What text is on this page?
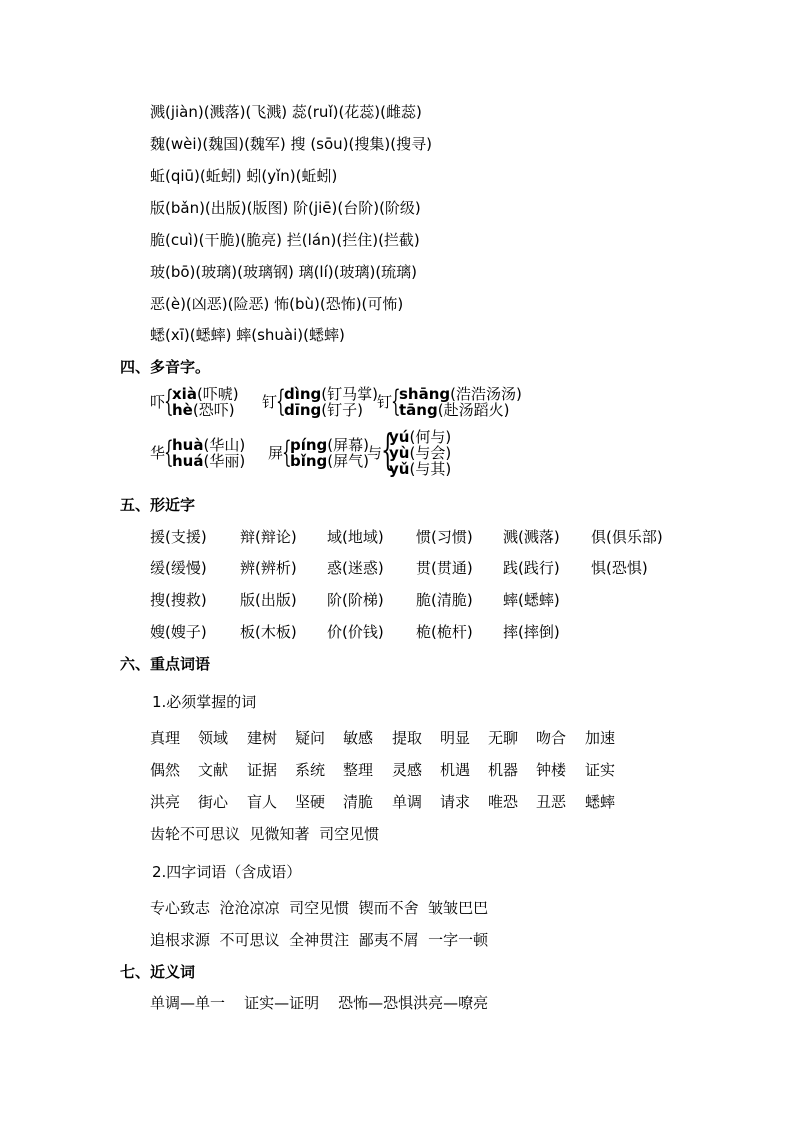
溅(jiàn)(溅落)(飞溅) 蕊(ruǐ)(花蕊)(雌蕊)
魏(wèi)(魏国)(魏军) 搜 (sōu)(搜集)(搜寻)
蚯(qiū)(蚯蚓) 蚓(yǐn)(蚯蚓)
版(bǎn)(出版)(版图) 阶(jiē)(台阶)(阶级)
脆(cuì)(干脆)(脆亮) 拦(lán)(拦住)(拦截)
玻(bō)(玻璃)(玻璃钢) 璃(lí)(玻璃)(琉璃)
恶(è)(凶恶)(险恶) 怖(bù)(恐怖)(可怖)
蟋(xī)(蟋蟀) 蟀(shuài)(蟋蟀)
四、多音字。
吓
{
xià(吓唬)
hè(恐吓) 钉
{
dìng(钉马掌)
dīng(钉子) 钉
{
shāng(浩浩汤汤)
tāng(赴汤蹈火)
华
{
huà(华山)
huá(华丽) 屏
{
píng(屏幕)
bǐng(屏气)
与
{
yú(何与)
yù(与会)
yǔ(与其)
五、形近字
援(支援) 辩(辩论) 域(地域) 惯(习惯) 溅(溅落) 俱(俱乐部)
缓(缓慢) 辨(辨析) 惑(迷惑) 贯(贯通) 践(践行) 惧(恐惧)
搜(搜救) 版(出版) 阶(阶梯) 脆(清脆) 蟀(蟋蟀)
嫂(嫂子) 板(木板) 价(价钱) 桅(桅杆) 摔(摔倒)
六、重点词语
1.必须掌握的词
真理 领域 建树 疑问 敏感 提取 明显 无聊 吻合 加速
偶然 文献 证据 系统 整理 灵感 机遇 机器 钟楼 证实
洪亮 街心 盲人 坚硬 清脆 单调 请求 唯恐 丑恶 蟋蟀
齿轮不可思议  见微知著  司空见惯
2.四字词语（含成语）
专心致志  沧沧凉凉  司空见惯  锲而不舍  皱皱巴巴
追根求源  不可思议  全神贯注  鄙夷不屑  一字一顿
七、近义词
单调—单一    证实—证明    恐怖—恐惧洪亮—嘹亮
